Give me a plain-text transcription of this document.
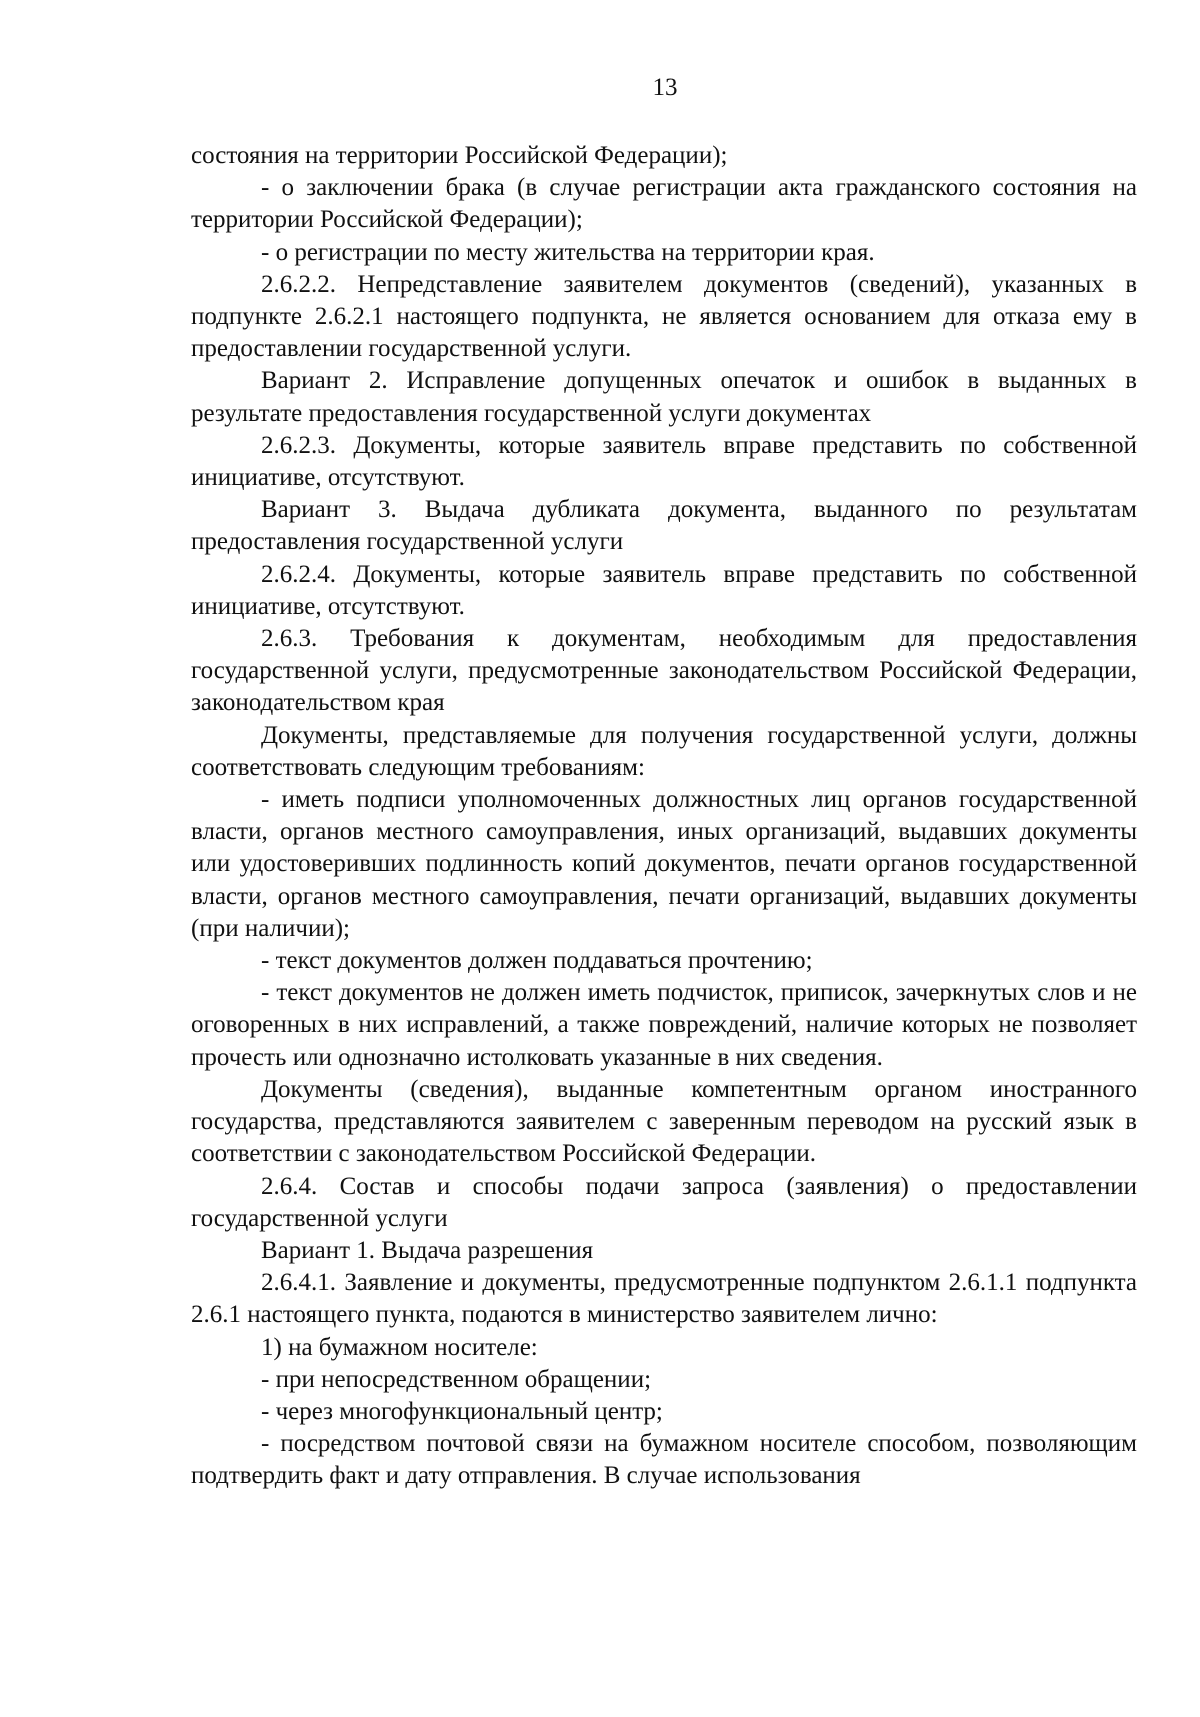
13

состояния на территории Российской Федерации);

- о заключении брака (в случае регистрации акта гражданского состояния на территории Российской Федерации);

- о регистрации по месту жительства на территории края.

2.6.2.2. Непредставление заявителем документов (сведений), указанных в подпункте 2.6.2.1 настоящего подпункта, не является основанием для отказа ему в предоставлении государственной услуги.

Вариант 2. Исправление допущенных опечаток и ошибок в выданных в результате предоставления государственной услуги документах

2.6.2.3. Документы, которые заявитель вправе представить по собственной инициативе, отсутствуют.

Вариант 3. Выдача дубликата документа, выданного по результатам предоставления государственной услуги

2.6.2.4. Документы, которые заявитель вправе представить по собственной инициативе, отсутствуют.

2.6.3. Требования к документам, необходимым для предоставления государственной услуги, предусмотренные законодательством Российской Федерации, законодательством края

Документы, представляемые для получения государственной услуги, должны соответствовать следующим требованиям:

- иметь подписи уполномоченных должностных лиц органов государственной власти, органов местного самоуправления, иных организаций, выдавших документы или удостоверивших подлинность копий документов, печати органов государственной власти, органов местного самоуправления, печати организаций, выдавших документы (при наличии);

- текст документов должен поддаваться прочтению;

- текст документов не должен иметь подчисток, приписок, зачеркнутых слов и не оговоренных в них исправлений, а также повреждений, наличие которых не позволяет прочесть или однозначно истолковать указанные в них сведения.

Документы (сведения), выданные компетентным органом иностранного государства, представляются заявителем с заверенным переводом на русский язык в соответствии с законодательством Российской Федерации.

2.6.4. Состав и способы подачи запроса (заявления) о предоставлении государственной услуги

Вариант 1. Выдача разрешения

2.6.4.1. Заявление и документы, предусмотренные подпунктом 2.6.1.1 подпункта 2.6.1 настоящего пункта, подаются в министерство заявителем лично:

1) на бумажном носителе:

- при непосредственном обращении;

- через многофункциональный центр;

- посредством почтовой связи на бумажном носителе способом, позволяющим подтвердить факт и дату отправления. В случае использования
